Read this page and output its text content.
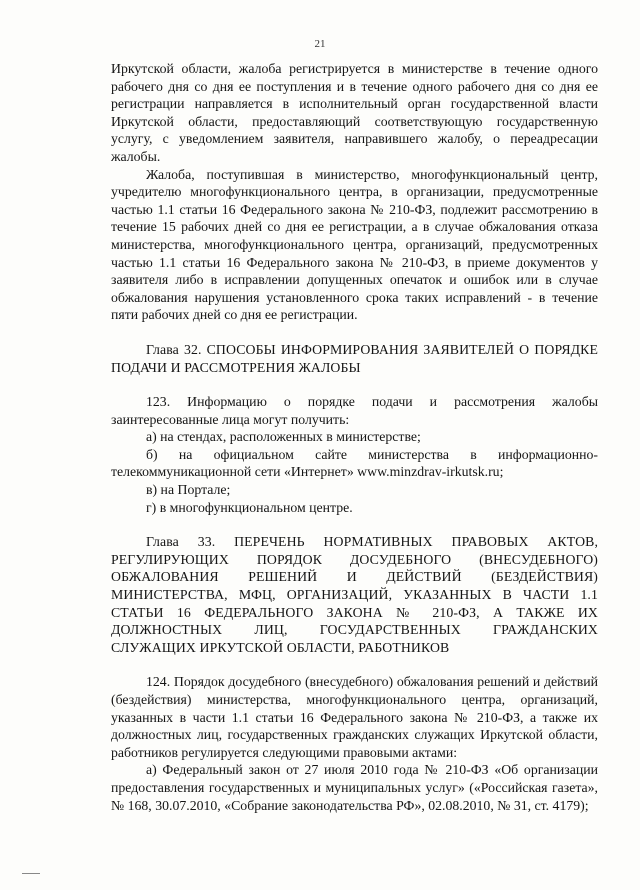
21

Иркутской области, жалоба регистрируется в министерстве в течение одного рабочего дня со дня ее поступления и в течение одного рабочего дня со дня ее регистрации направляется в исполнительный орган государственной власти Иркутской области, предоставляющий соответствующую государственную услугу, с уведомлением заявителя, направившего жалобу, о переадресации жалобы.

Жалоба, поступившая в министерство, многофункциональный центр, учредителю многофункционального центра, в организации, предусмотренные частью 1.1 статьи 16 Федерального закона № 210-ФЗ, подлежит рассмотрению в течение 15 рабочих дней со дня ее регистрации, а в случае обжалования отказа министерства, многофункционального центра, организаций, предусмотренных частью 1.1 статьи 16 Федерального закона № 210-ФЗ, в приеме документов у заявителя либо в исправлении допущенных опечаток и ошибок или в случае обжалования нарушения установленного срока таких исправлений - в течение пяти рабочих дней со дня ее регистрации.

Глава 32. СПОСОБЫ ИНФОРМИРОВАНИЯ ЗАЯВИТЕЛЕЙ О ПОРЯДКЕ ПОДАЧИ И РАССМОТРЕНИЯ ЖАЛОБЫ

123. Информацию о порядке подачи и рассмотрения жалобы заинтересованные лица могут получить:

а) на стендах, расположенных в министерстве;

б) на официальном сайте министерства в информационно-телекоммуникационной сети «Интернет» www.minzdrav-irkutsk.ru;

в) на Портале;

г) в многофункциональном центре.

Глава 33. ПЕРЕЧЕНЬ НОРМАТИВНЫХ ПРАВОВЫХ АКТОВ, РЕГУЛИРУЮЩИХ ПОРЯДОК ДОСУДЕБНОГО (ВНЕСУДЕБНОГО) ОБЖАЛОВАНИЯ РЕШЕНИЙ И ДЕЙСТВИЙ (БЕЗДЕЙСТВИЯ) МИНИСТЕРСТВА, МФЦ, ОРГАНИЗАЦИЙ, УКАЗАННЫХ В ЧАСТИ 1.1 СТАТЬИ 16 ФЕДЕРАЛЬНОГО ЗАКОНА № 210-ФЗ, А ТАКЖЕ ИХ ДОЛЖНОСТНЫХ ЛИЦ, ГОСУДАРСТВЕННЫХ ГРАЖДАНСКИХ СЛУЖАЩИХ ИРКУТСКОЙ ОБЛАСТИ, РАБОТНИКОВ

124. Порядок досудебного (внесудебного) обжалования решений и действий (бездействия) министерства, многофункционального центра, организаций, указанных в части 1.1 статьи 16 Федерального закона № 210-ФЗ, а также их должностных лиц, государственных гражданских служащих Иркутской области, работников регулируется следующими правовыми актами:

а) Федеральный закон от 27 июля 2010 года № 210-ФЗ «Об организации предоставления государственных и муниципальных услуг» («Российская газета», № 168, 30.07.2010, «Собрание законодательства РФ», 02.08.2010, № 31, ст. 4179);
